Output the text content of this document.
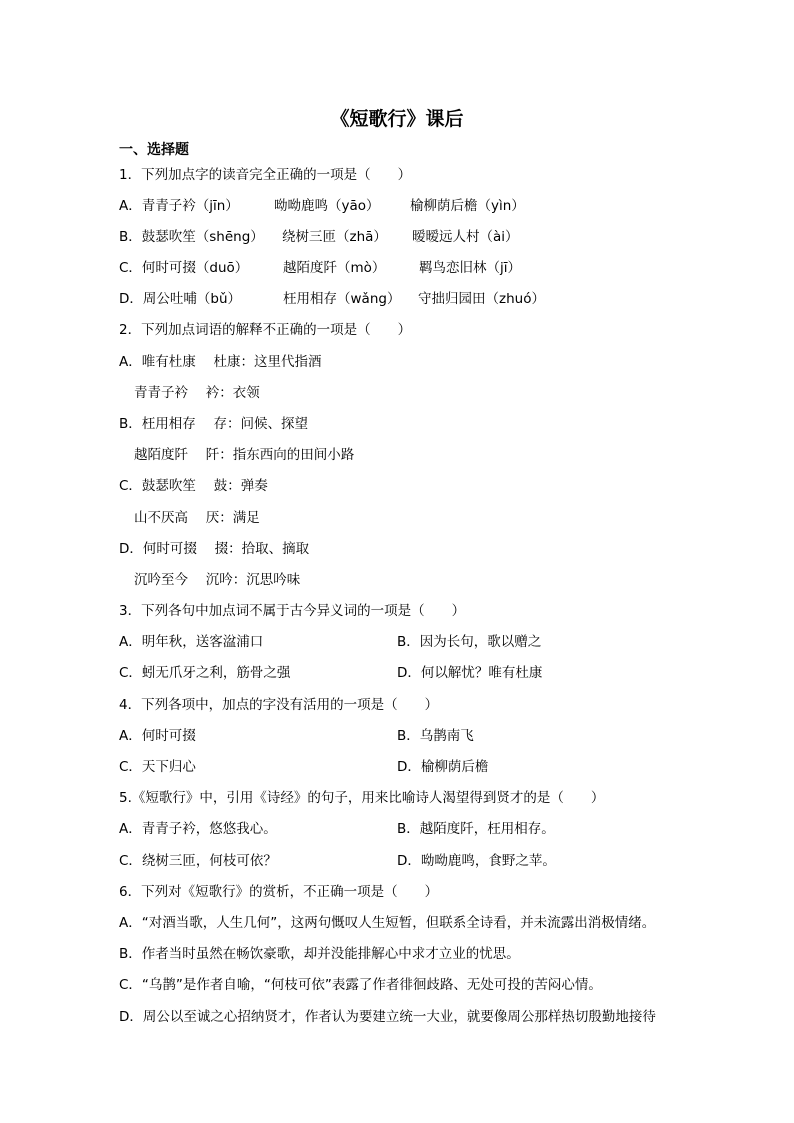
《短歌行》课后
一、选择题
1．下列加点字的读音完全正确的一项是（　　）
A．青青子衿（jīn）	呦呦鹿鸣（yāo） 榆柳荫后檐（yìn）
B．鼓瑟吹笙（shēng） 绕树三匝（zhā） 暧暧远人村（ài）
C．何时可掇（duō）	越陌度阡（mò） 羁鸟恋旧林（jī）
D．周公吐哺（bǔ）	枉用相存（wǎng） 守拙归园田（zhuó）
2．下列加点词语的解释不正确的一项是（　　）
A．唯有杜康　 杜康：这里代指酒
青青子衿　 衿：衣领
B．枉用相存　 存：问候、探望
越陌度阡　 阡：指东西向的田间小路
C．鼓瑟吹笙　 鼓：弹奏
山不厌高　 厌：满足
D．何时可掇　 掇：拾取、摘取
沉吟至今　 沉吟：沉思吟味
3．下列各句中加点词不属于古今异义词的一项是（　　）
A．明年秋，送客湓浦口	B．因为长句，歌以赠之
C．蚓无爪牙之利，筋骨之强	D．何以解忧？唯有杜康
4．下列各项中，加点的字没有活用的一项是（　　）
A．何时可掇	B．乌鹊南飞
C．天下归心	D．榆柳荫后檐
5.《短歌行》中，引用《诗经》的句子，用来比喻诗人渴望得到贤才的是（　　）
A．青青子衿，悠悠我心。	B．越陌度阡，枉用相存。
C．绕树三匝，何枝可依？	D．呦呦鹿鸣，食野之苹。
6．下列对《短歌行》的赏析，不正确一项是（　　）
A．“对酒当歌，人生几何”，这两句慨叹人生短暂，但联系全诗看，并未流露出消极情绪。
B．作者当时虽然在畅饮豪歌，却并没能排解心中求才立业的忧思。
C．“乌鹊”是作者自喻，“何枝可依”表露了作者徘徊歧路、无处可投的苦闷心情。
D．周公以至诚之心招纳贤才，作者认为要建立统一大业，就要像周公那样热切殷勤地接待
